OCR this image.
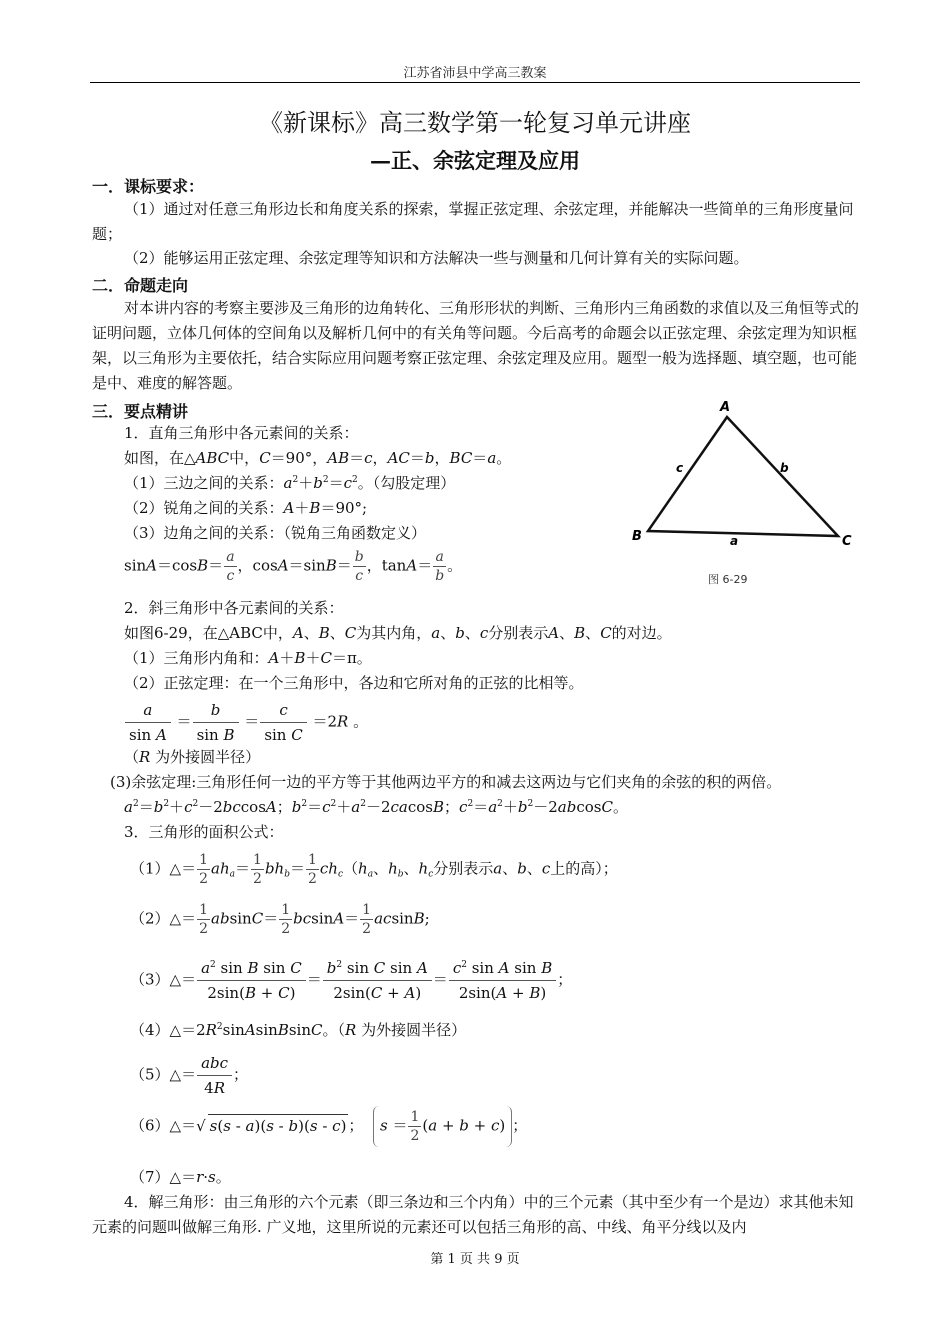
江苏省沛县中学高三教案
《新课标》高三数学第一轮复习单元讲座
—正、余弦定理及应用
一．课标要求：

（1）通过对任意三角形边长和角度关系的探索，掌握正弦定理、余弦定理，并能解决一些简单的三角形度量问题；

（2）能够运用正弦定理、余弦定理等知识和方法解决一些与测量和几何计算有关的实际问题。

二．命题走向

对本讲内容的考察主要涉及三角形的边角转化、三角形形状的判断、三角形内三角函数的求值以及三角恒等式的证明问题，立体几何体的空间角以及解析几何中的有关角等问题。今后高考的命题会以正弦定理、余弦定理为知识框架，以三角形为主要依托，结合实际应用问题考察正弦定理、余弦定理及应用。题型一般为选择题、填空题，也可能是中、难度的解答题。

三．要点精讲
1．直角三角形中各元素间的关系：
如图，在△ABC中，C＝90°，AB＝c，AC＝b，BC＝a。
（1）三边之间的关系：$a^2+b^2=c^2$。（勾股定理）
（2）锐角之间的关系：A＋B＝90°;
（3）边角之间的关系：（锐角三角函数定义）
$\sin A=\cos B= \frac{a}{c}$ ，$\cos A=\sin B= \frac{b}{c}$ ，$\tan A= \frac{a}{b}$ 。
A
B	C
a
b
c
图 6-29
2．斜三角形中各元素间的关系：
如图6-29，在△ABC中，A、B、C为其内角，a、b、c分别表示A、B、C的对边。
（1）三角形内角和：A＋B＋C＝π。
（2）正弦定理：在一个三角形中，各边和它所对角的正弦的比相等。
$\frac{a}{\text{sin A}} = \frac{b}{\text{sin B}} = \frac{c}{\text{sin C}} =2R$ 。
（R 为外接圆半径）
(3)余弦定理:三角形任何一边的平方等于其他两边平方的和减去这两边与它们夹角的余弦的积的两倍。
$a^2=b^2+c^2-2bccosA$；$b^2=c^2+a^2-2cacosB$；$c^2=a^2+b^2-2abcosC$。
3．三角形的面积公式：
（1）△＝ $\frac{1}{2} ah_a= \frac{1}{2} bh_b= \frac{1}{2} ch_c(h_a$、$h_b$、$h_c$分别表示a、b、c上的高）；
（2）△＝ $\frac{1}{2} absinC= \frac{1}{2} bcsinA= \frac{1}{2} acsinB$;
（3）△＝ $\frac{a^2 \sin B \sin C}{2\sin(B + C)} = \frac{b^2 \sin C \sin A}{2\sin(C + A)} = \frac{c^2 \sin A \sin B}{2\sin(A + B)}$ ；
$(4)\triangle=2R^2sinAsinBsinC$。（R 为外接圆半径）
（5）△＝
abc
4R
；
（6）△＝√ s(s - a)(s - b)(s - c) ；  $s = \frac{1}{2} (a + b + c)$ ；
（7）△＝r·s。

4．解三角形：由三角形的六个元素（即三条边和三个内角）中的三个元素（其中至少有一个是边）求其他未知元素的问题叫做解三角形. 广义地，这里所说的元素还可以包括三角形的高、中线、角平分线以及内

第 1 页 共 9 页
